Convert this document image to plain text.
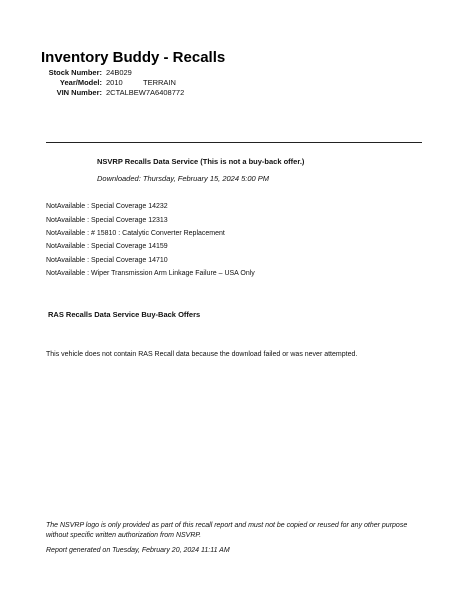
Inventory Buddy - Recalls
Stock Number: 24B029
Year/Model: 2010	TERRAIN
VIN Number: 2CTALBEW7A6408772
NSVRP Recalls Data Service (This is not a buy-back offer.)
Downloaded: Thursday, February 15, 2024 5:00 PM
NotAvailable : Special Coverage 14232
NotAvailable : Special Coverage 12313
NotAvailable : # 15810 : Catalytic Converter Replacement
NotAvailable : Special Coverage 14159
NotAvailable : Special Coverage 14710
NotAvailable : Wiper Transmission Arm Linkage Failure – USA Only
RAS Recalls Data Service Buy-Back Offers
This vehicle does not contain RAS Recall data because the download failed or was never attempted.
The NSVRP logo is only provided as part of this recall report and must not be copied or reused for any other purpose without specific written authorization from NSVRP.
Report generated on Tuesday, February 20, 2024 11:11 AM
